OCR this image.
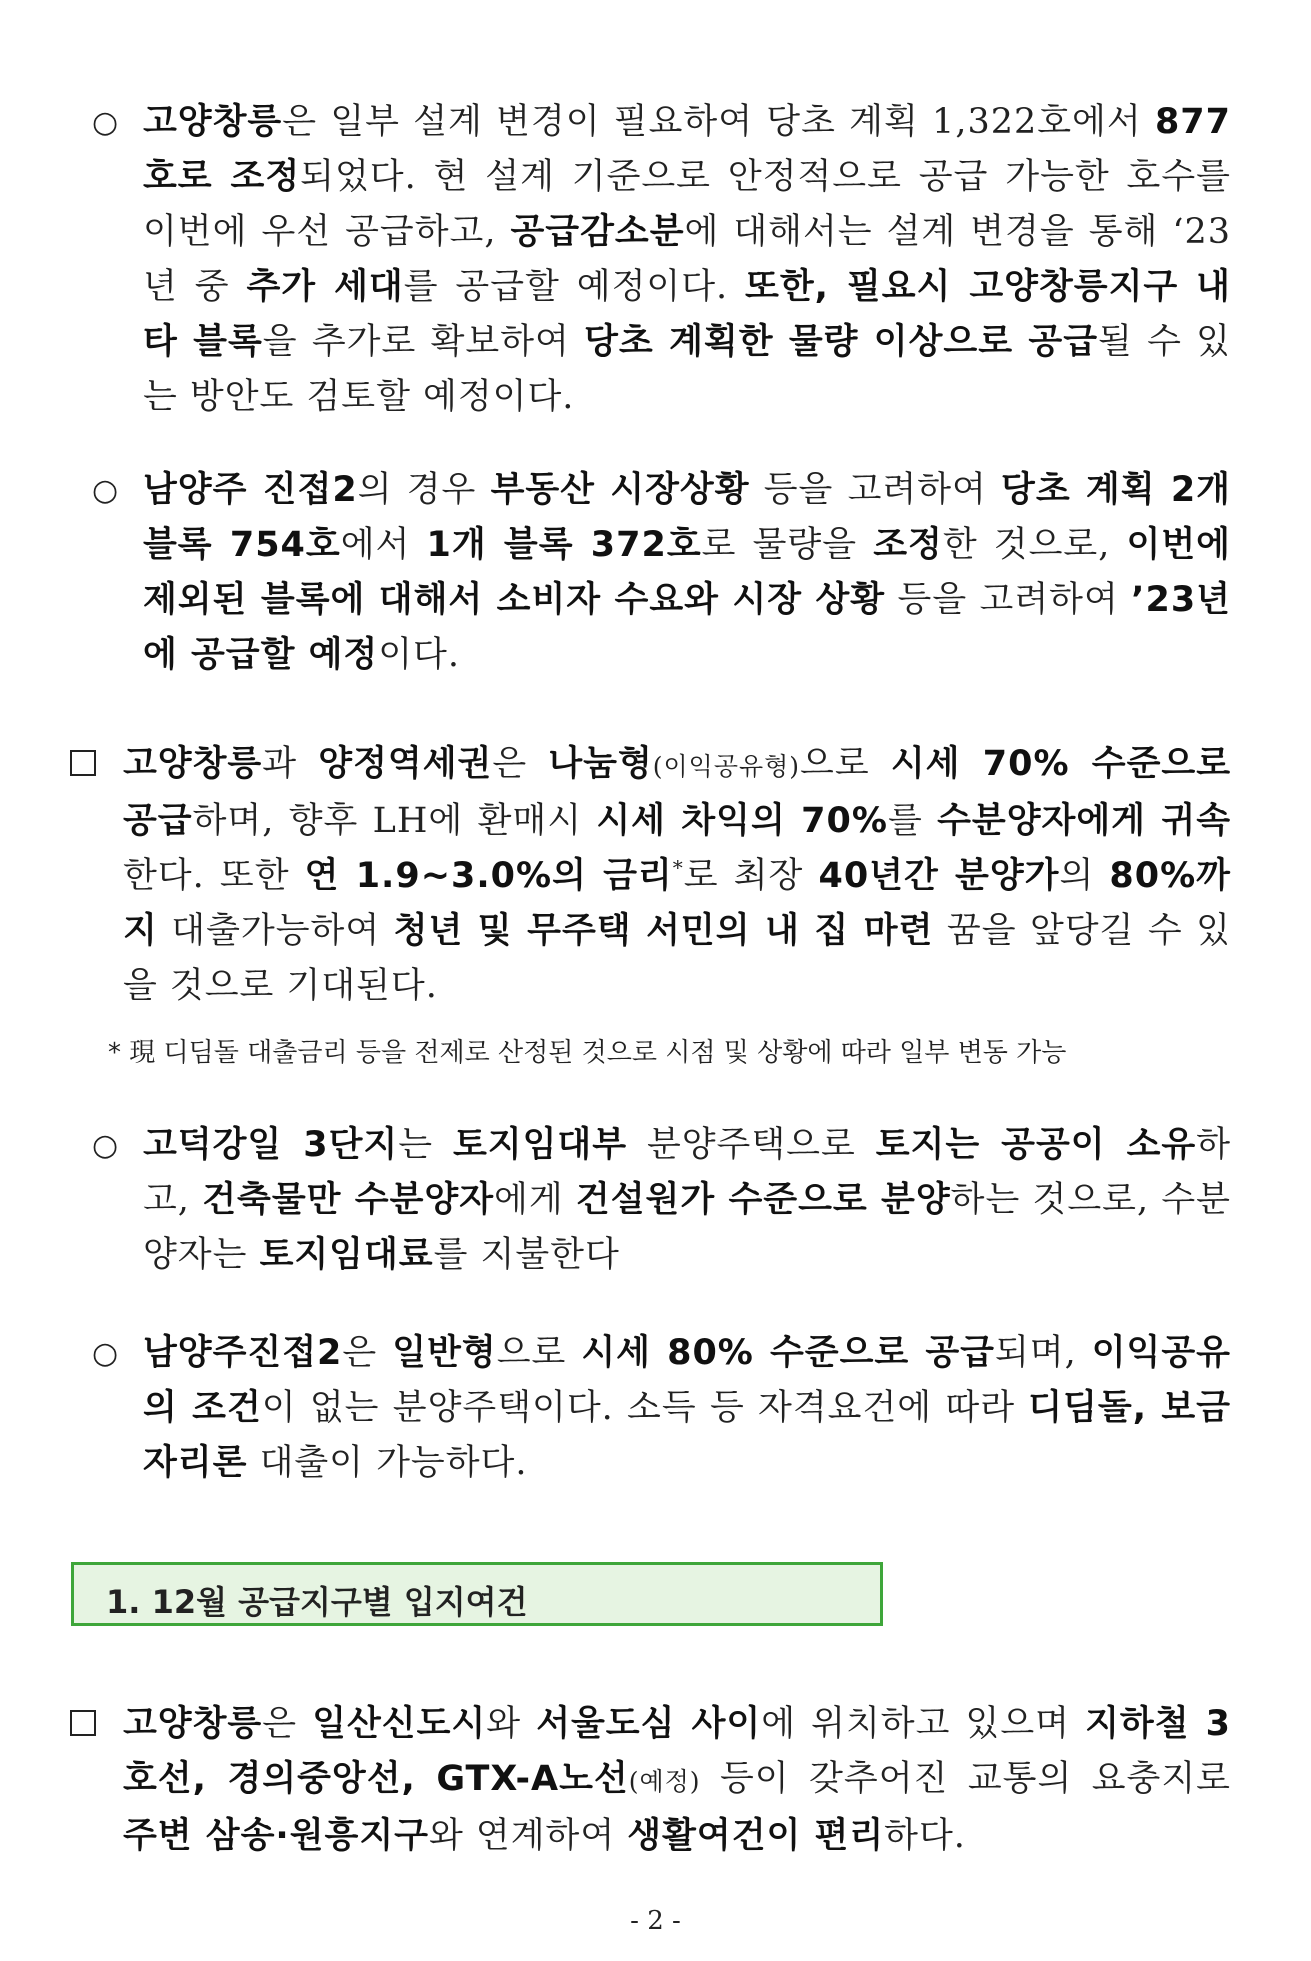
○ 고양창릉은 일부 설계 변경이 필요하여 당초 계획 1,322호에서 877호로 조정되었다. 현 설계 기준으로 안정적으로 공급 가능한 호수를 이번에 우선 공급하고, 공급감소분에 대해서는 설계 변경을 통해 ‘23년 중 추가 세대를 공급할 예정이다. 또한, 필요시 고양창릉지구 내 타 블록을 추가로 확보하여 당초 계획한 물량 이상으로 공급될 수 있는 방안도 검토할 예정이다.
○ 남양주 진접2의 경우 부동산 시장상황 등을 고려하여 당초 계획 2개 블록 754호에서 1개 블록 372호로 물량을 조정한 것으로, 이번에 제외된 블록에 대해서 소비자 수요와 시장 상황 등을 고려하여 ’23년에 공급할 예정이다.
고양창릉과 양정역세권은 나눔형(이익공유형)으로 시세 70% 수준으로 공급하며, 향후 LH에 환매시 시세 차익의 70%를 수분양자에게 귀속한다. 또한 연 1.9~3.0%의 금리*로 최장 40년간 분양가의 80%까지 대출가능하여 청년 및 무주택 서민의 내 집 마련 꿈을 앞당길 수 있을 것으로 기대된다.
* 現 디딤돌 대출금리 등을 전제로 산정된 것으로 시점 및 상황에 따라 일부 변동 가능
○ 고덕강일 3단지는 토지임대부 분양주택으로 토지는 공공이 소유하고, 건축물만 수분양자에게 건설원가 수준으로 분양하는 것으로, 수분양자는 토지임대료를 지불한다
○ 남양주진접2은 일반형으로 시세 80% 수준으로 공급되며, 이익공유의 조건이 없는 분양주택이다. 소득 등 자격요건에 따라 디딤돌, 보금자리론 대출이 가능하다.
1. 12월 공급지구별 입지여건
고양창릉은 일산신도시와 서울도심 사이에 위치하고 있으며 지하철 3호선, 경의중앙선, GTX-A노선(예정) 등이 갖추어진 교통의 요충지로 주변 삼송·원흥지구와 연계하여 생활여건이 편리하다.
- 2 -
